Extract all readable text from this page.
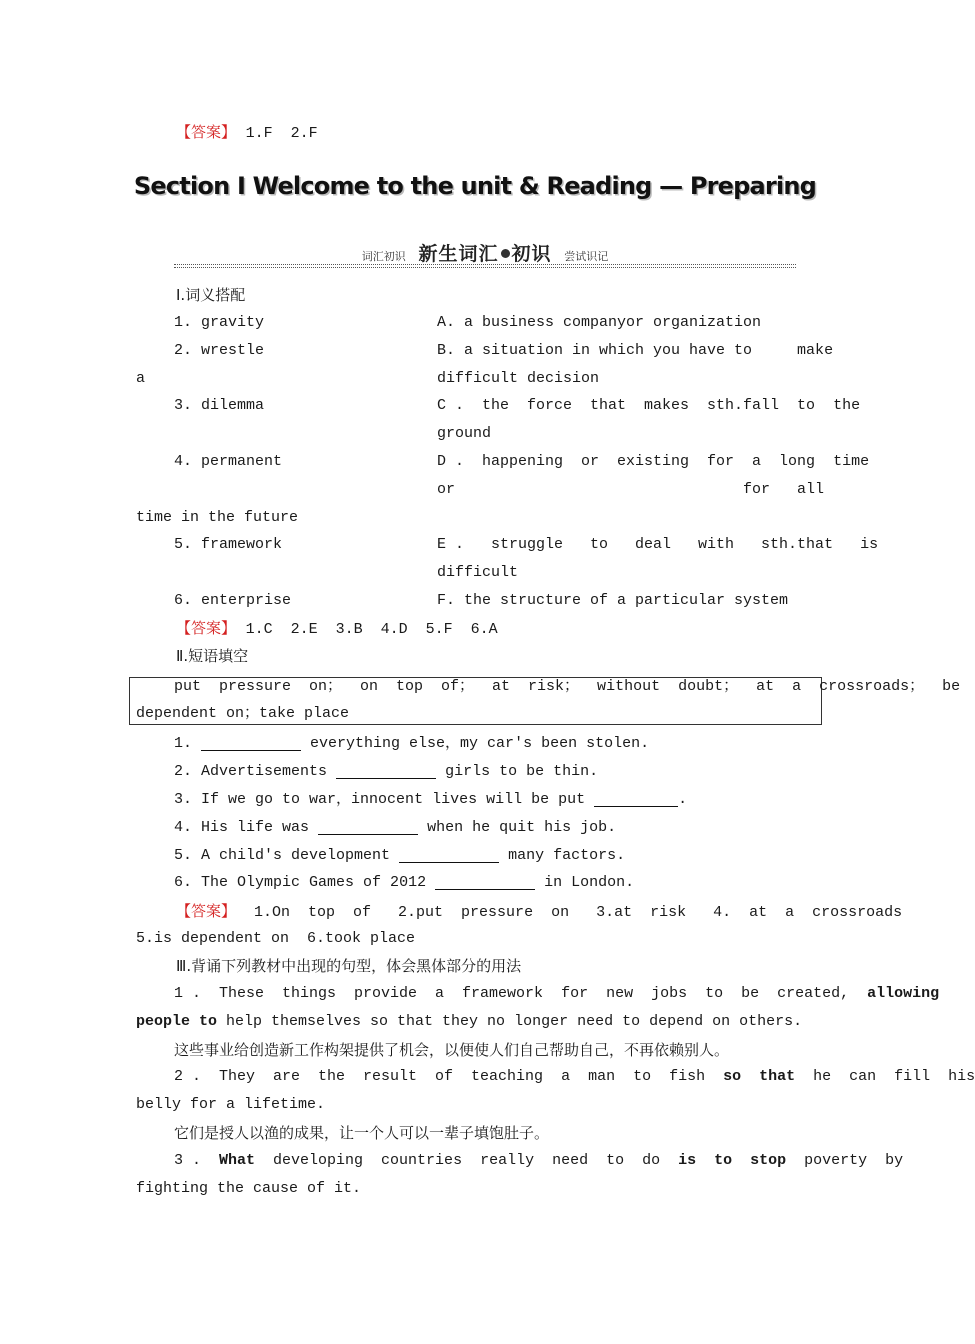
【答案】 1.F  2.F
Section I Welcome to the unit & Reading — Preparing
词汇初识 新生词汇 初识 尝试识记
Ⅰ.词义搭配
1. gravity	A. a business companyor organization
2. wrestle	B. a situation in which you have to     make
a	difficult decision
3. dilemma	C .  the  force  that  makes  sth.fall  to  the
ground
4. permanent	D .  happening  or  existing  for  a  long  time
or                                for   all
time in the future
5. framework	E .   struggle   to   deal   with   sth.that   is
difficult
6. enterprise	F. the structure of a particular system
【答案】 1.C  2.E  3.B  4.D  5.F  6.A
Ⅱ.短语填空
put  pressure  on；  on  top  of；  at  risk；  without  doubt；  at  a  crossroads；  be
dependent on；take place
1.	everything else，my car's been stolen.
2. Advertisements	girls to be thin.
3. If we go to war，innocent lives will be put	.
4. His life was	when he quit his job.
5. A child's development	many factors.
6. The Olympic Games of 2012	in London.
【答案】  1.On  top  of   2.put  pressure  on   3.at  risk   4.  at  a  crossroads
5.is dependent on  6.took place
Ⅲ.背诵下列教材中出现的句型，体会黑体部分的用法
1 .  These  things  provide  a  framework  for  new  jobs  to  be  created,  allowing
people to help themselves so that they no longer need to depend on others.
这些事业给创造新工作构架提供了机会，以便使人们自己帮助自己，不再依赖别人。
2 .  They  are  the  result  of  teaching  a  man  to  fish  so  that  he  can  fill  his
belly for a lifetime.
它们是授人以渔的成果，让一个人可以一辈子填饱肚子。
3 .  What  developing  countries  really  need  to  do  is  to  stop  poverty  by
fighting the cause of it.
